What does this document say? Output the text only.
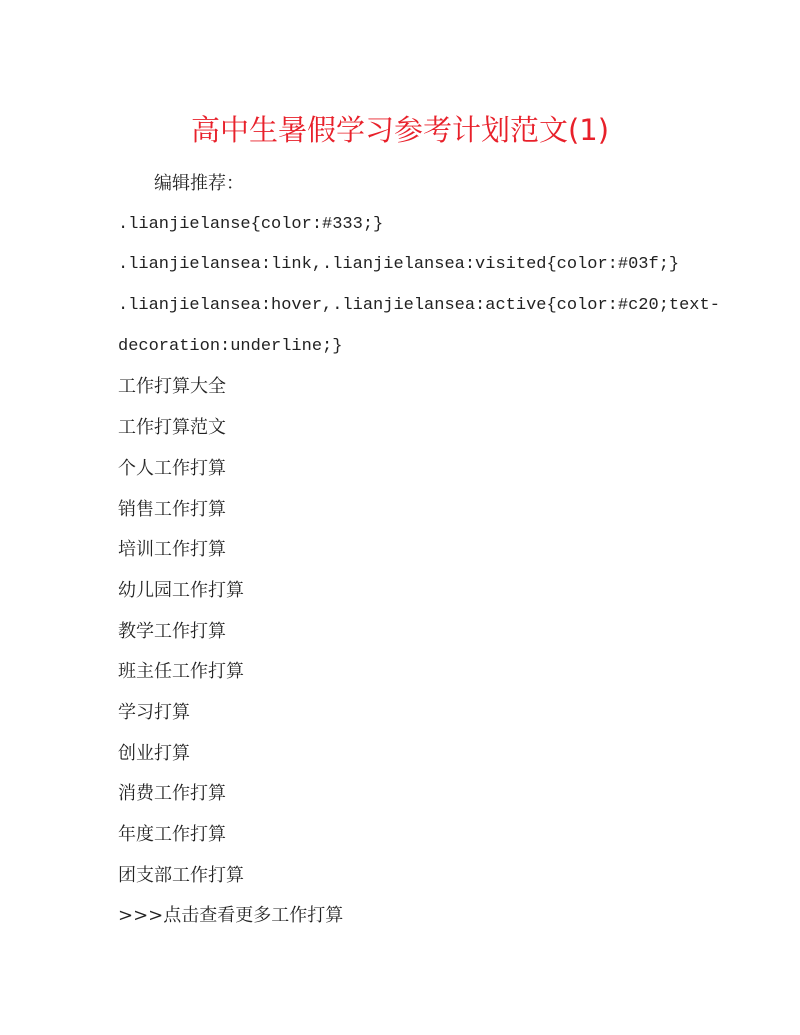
高中生暑假学习参考计划范文(1)
编辑推荐：
.lianjielanse{color:#333;}
.lianjielansea:link,.lianjielansea:visited{color:#03f;}
.lianjielansea:hover,.lianjielansea:active{color:#c20;text-
decoration:underline;}
工作打算大全
工作打算范文
个人工作打算
销售工作打算
培训工作打算
幼儿园工作打算
教学工作打算
班主任工作打算
学习打算
创业打算
消费工作打算
年度工作打算
团支部工作打算
>>>点击查看更多工作打算
